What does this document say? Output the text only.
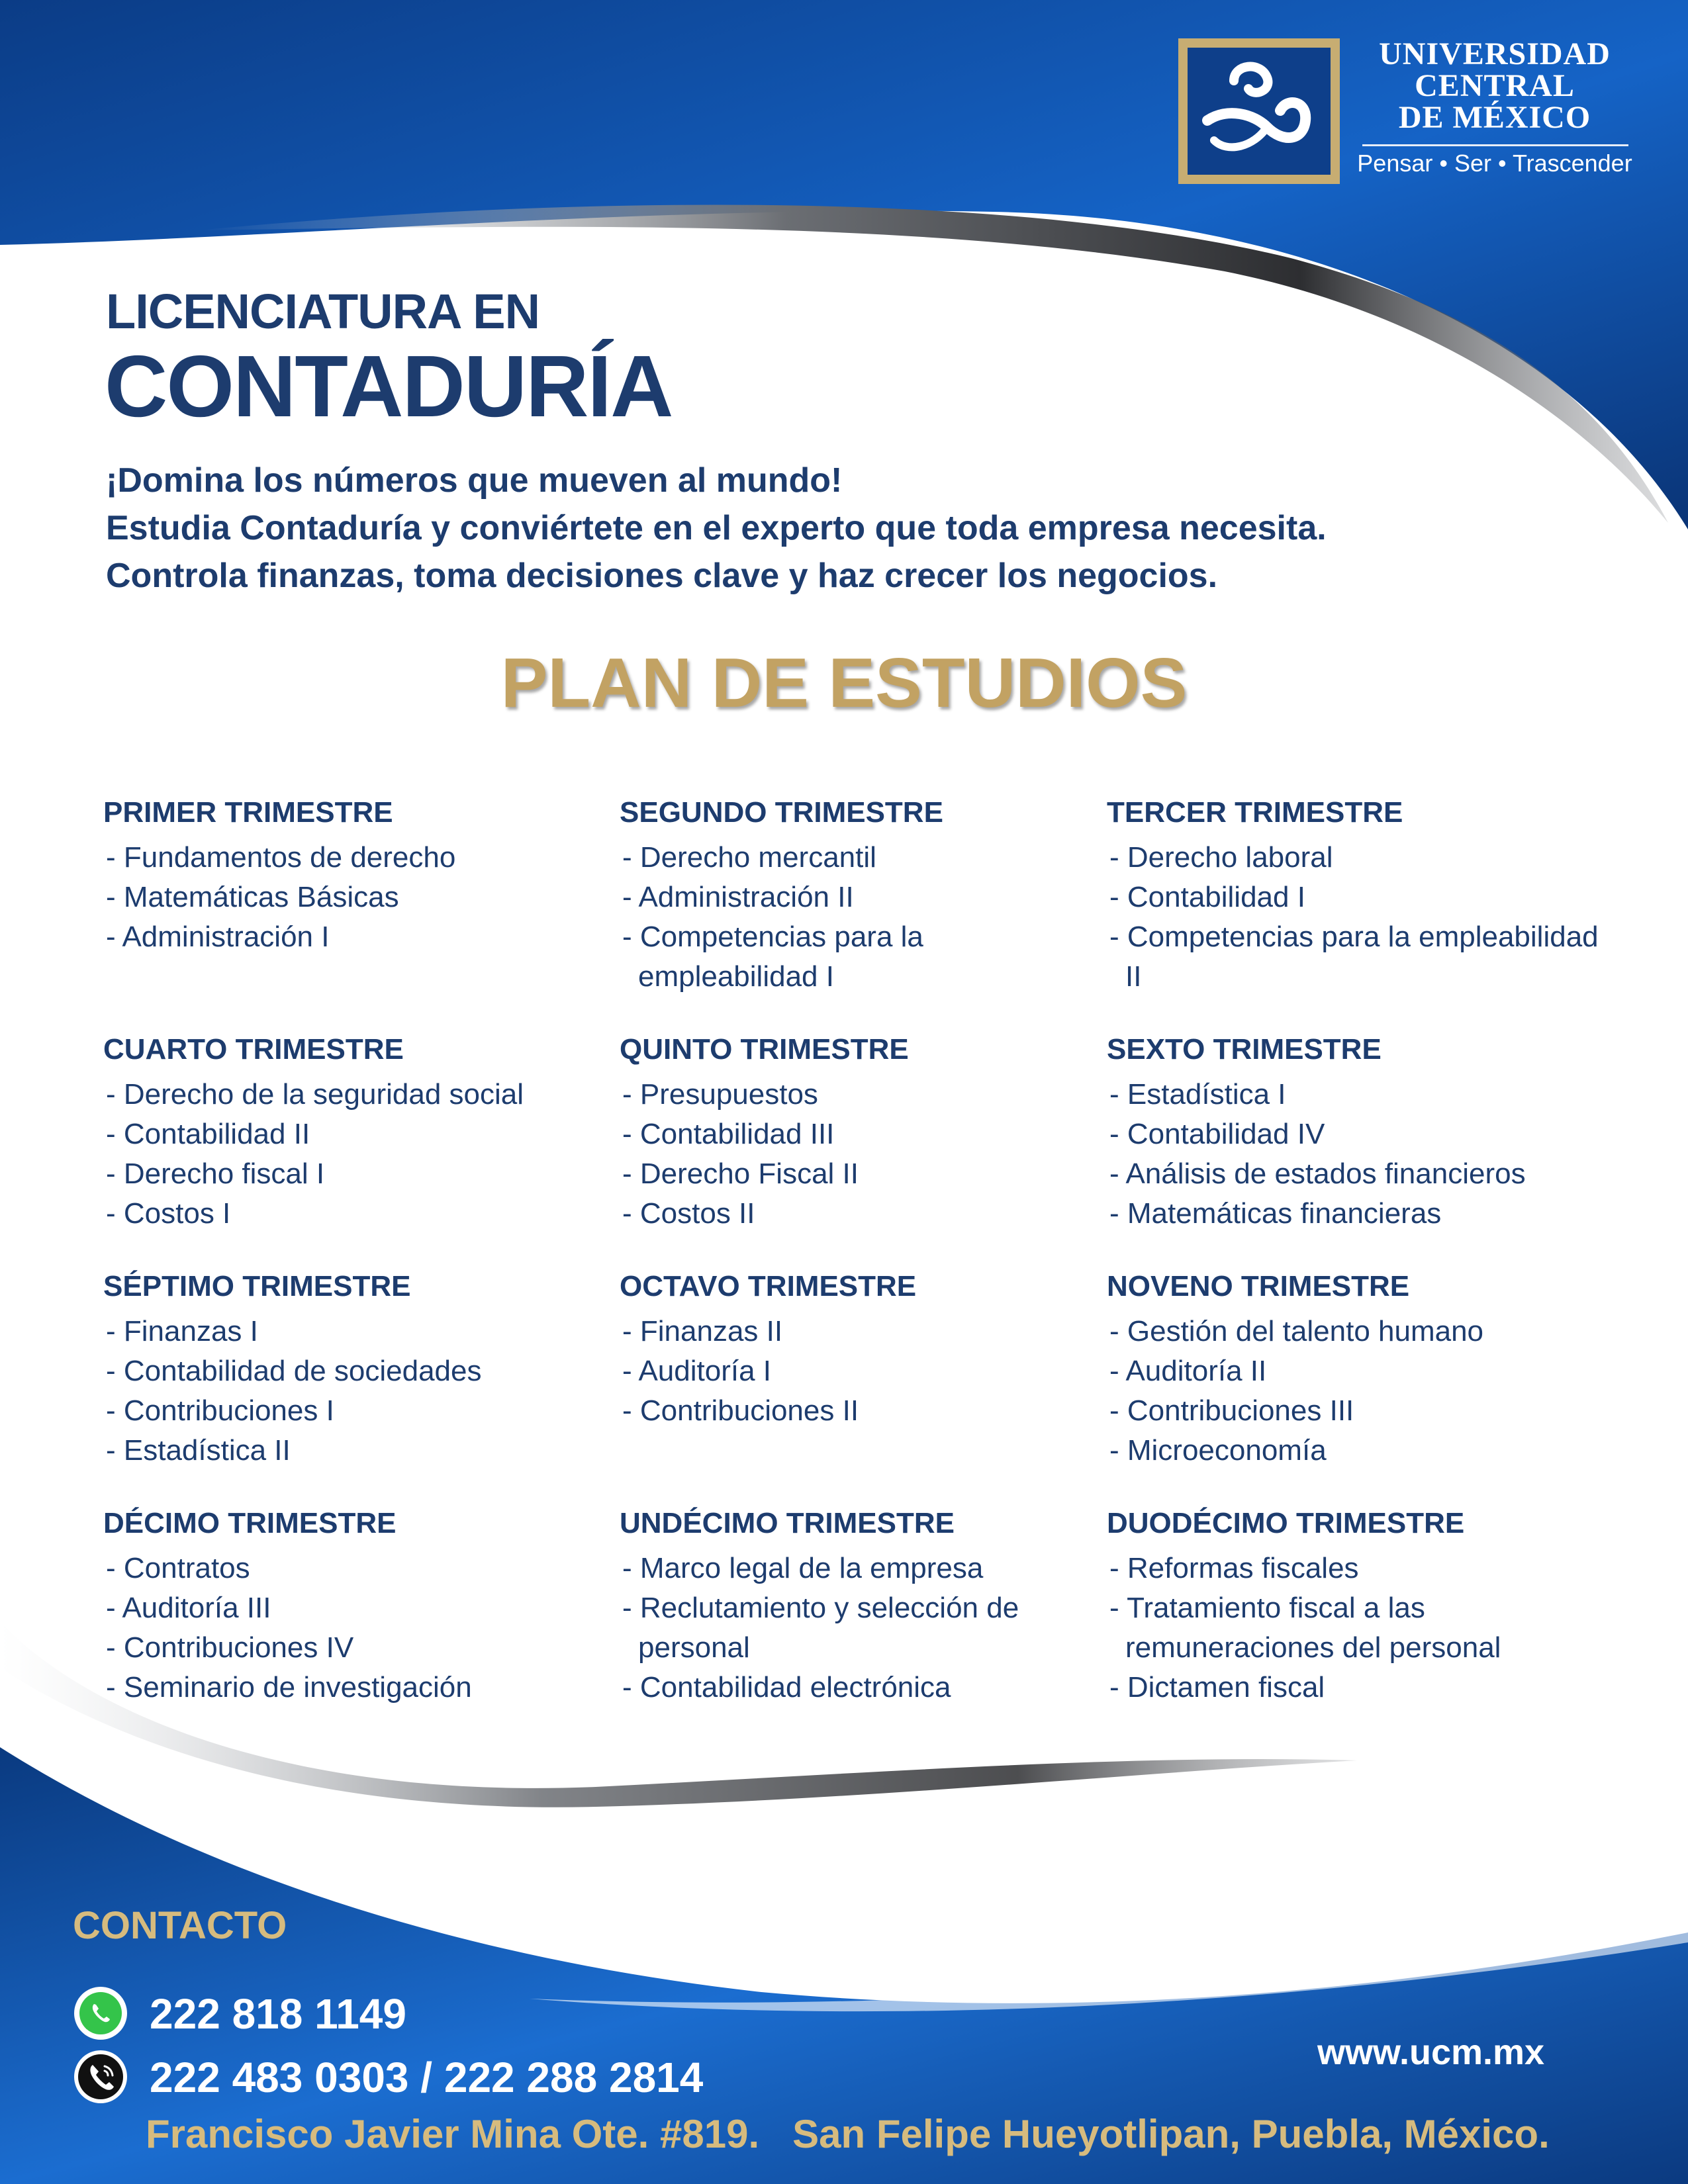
UNIVERSIDAD
CENTRAL
DE MÉXICO
Pensar • Ser • Trascender
LICENCIATURA EN
CONTADURÍA
¡Domina los números que mueven al mundo!
Estudia Contaduría y conviértete en el experto que toda empresa necesita.
Controla finanzas, toma decisiones clave y haz crecer los negocios.
PLAN DE ESTUDIOS
PRIMER TRIMESTRE
- Fundamentos de derecho
- Matemáticas Básicas
- Administración I
SEGUNDO TRIMESTRE
- Derecho mercantil
- Administración II
- Competencias para la empleabilidad I
TERCER TRIMESTRE
- Derecho laboral
- Contabilidad I
- Competencias para la empleabilidad II
CUARTO TRIMESTRE
- Derecho de la seguridad social
- Contabilidad II
- Derecho fiscal I
- Costos I
QUINTO TRIMESTRE
- Presupuestos
- Contabilidad III
- Derecho Fiscal II
- Costos II
SEXTO TRIMESTRE
- Estadística I
- Contabilidad IV
- Análisis de estados financieros
- Matemáticas financieras
SÉPTIMO TRIMESTRE
- Finanzas I
- Contabilidad de sociedades
- Contribuciones I
- Estadística II
OCTAVO TRIMESTRE
- Finanzas II
- Auditoría I
- Contribuciones II
NOVENO TRIMESTRE
- Gestión del talento humano
- Auditoría II
- Contribuciones III
- Microeconomía
DÉCIMO TRIMESTRE
- Contratos
- Auditoría III
- Contribuciones IV
- Seminario de investigación
UNDÉCIMO TRIMESTRE
- Marco legal de la empresa
- Reclutamiento y selección de personal
- Contabilidad electrónica
DUODÉCIMO TRIMESTRE
- Reformas fiscales
- Tratamiento fiscal a las remuneraciones del personal
- Dictamen fiscal
CONTACTO
222 818 1149
222 483 0303 / 222 288 2814
www.ucm.mx
Francisco Javier Mina Ote. #819.   San Felipe Hueyotlipan, Puebla, México.
